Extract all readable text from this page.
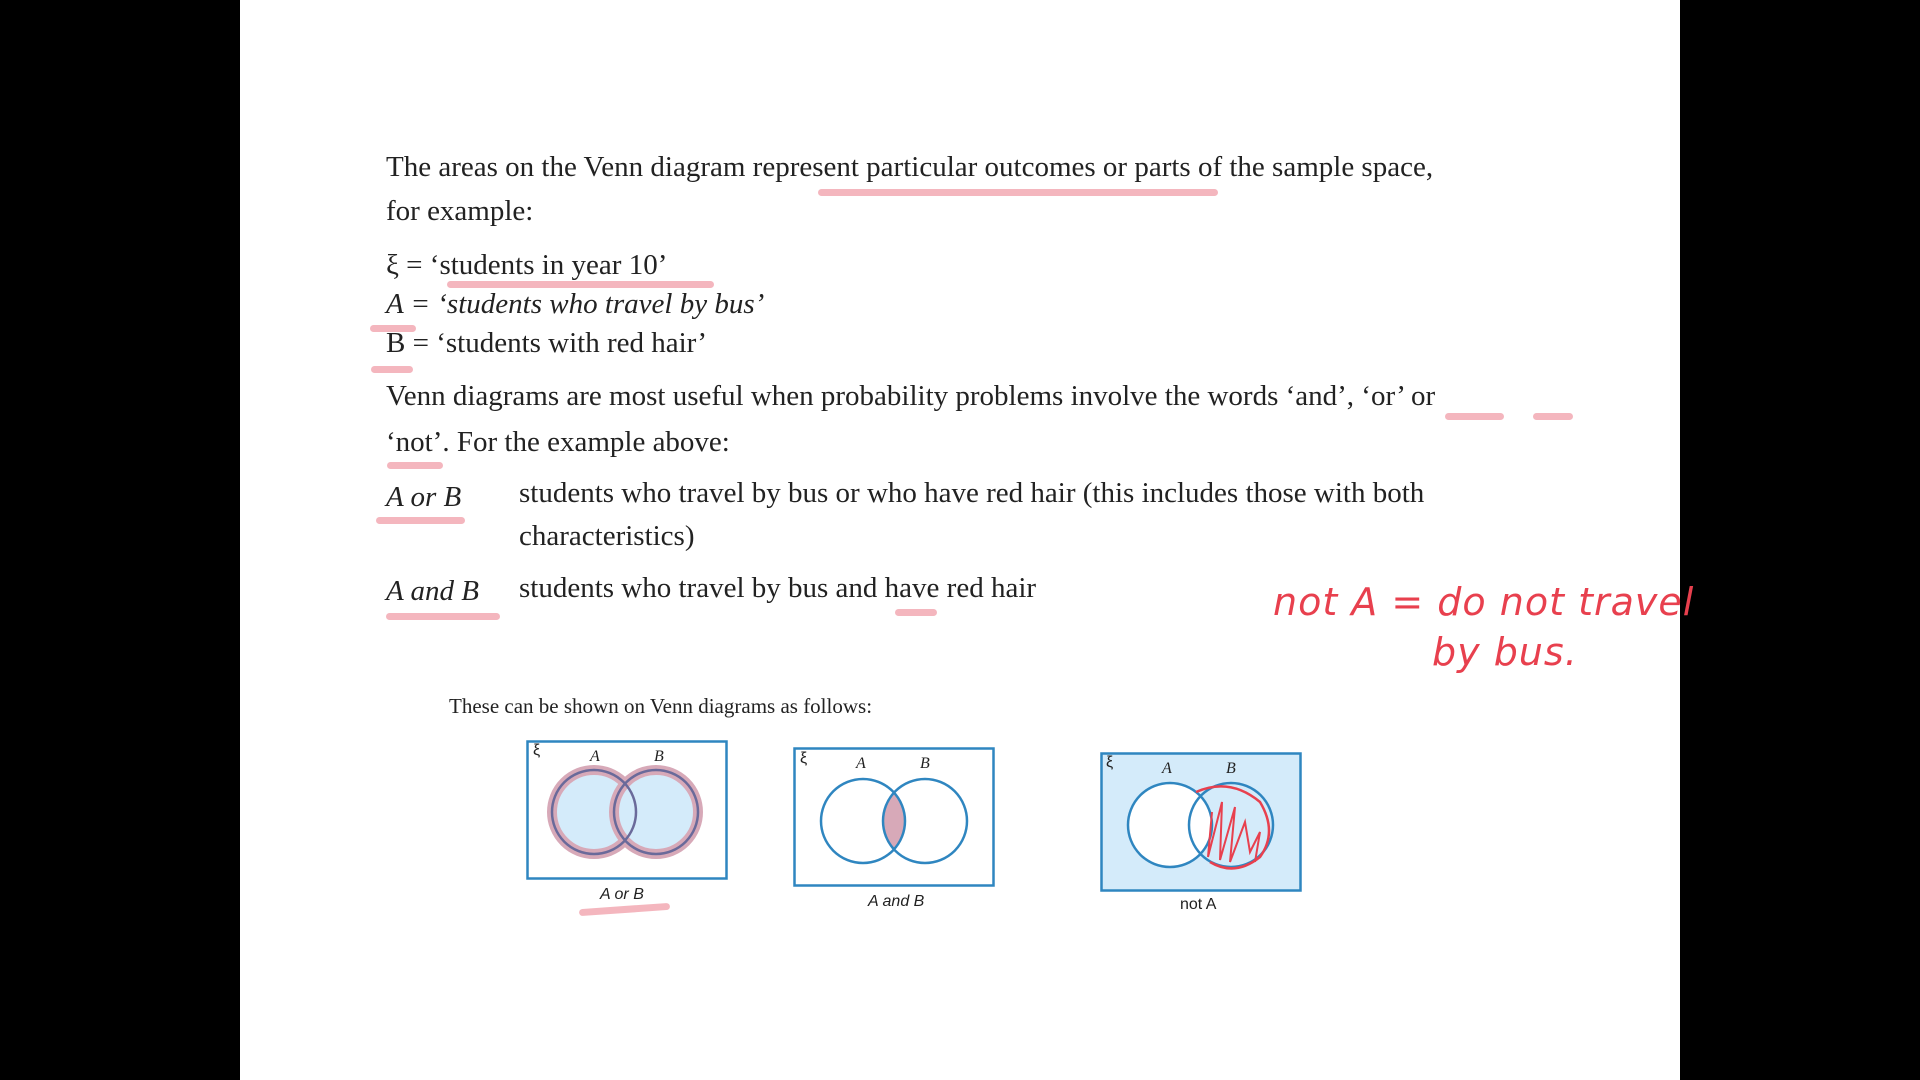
The areas on the Venn diagram represent particular outcomes or parts of the sample space,
for example:
ξ = ‘students in year 10’
A = ‘students who travel by bus’
B = ‘students with red hair’
Venn diagrams are most useful when probability problems involve the words ‘and’, ‘or’ or
‘not’. For the example above:
A or B students who travel by bus or who have red hair (this includes those with both
characteristics)
A and B students who travel by bus and have red hair	not A = do not travel
by bus.
These can be shown on Venn diagrams as follows:
ξ	A	B
A or B
ξ	A	B
A and B
ξ	A	B
not A
